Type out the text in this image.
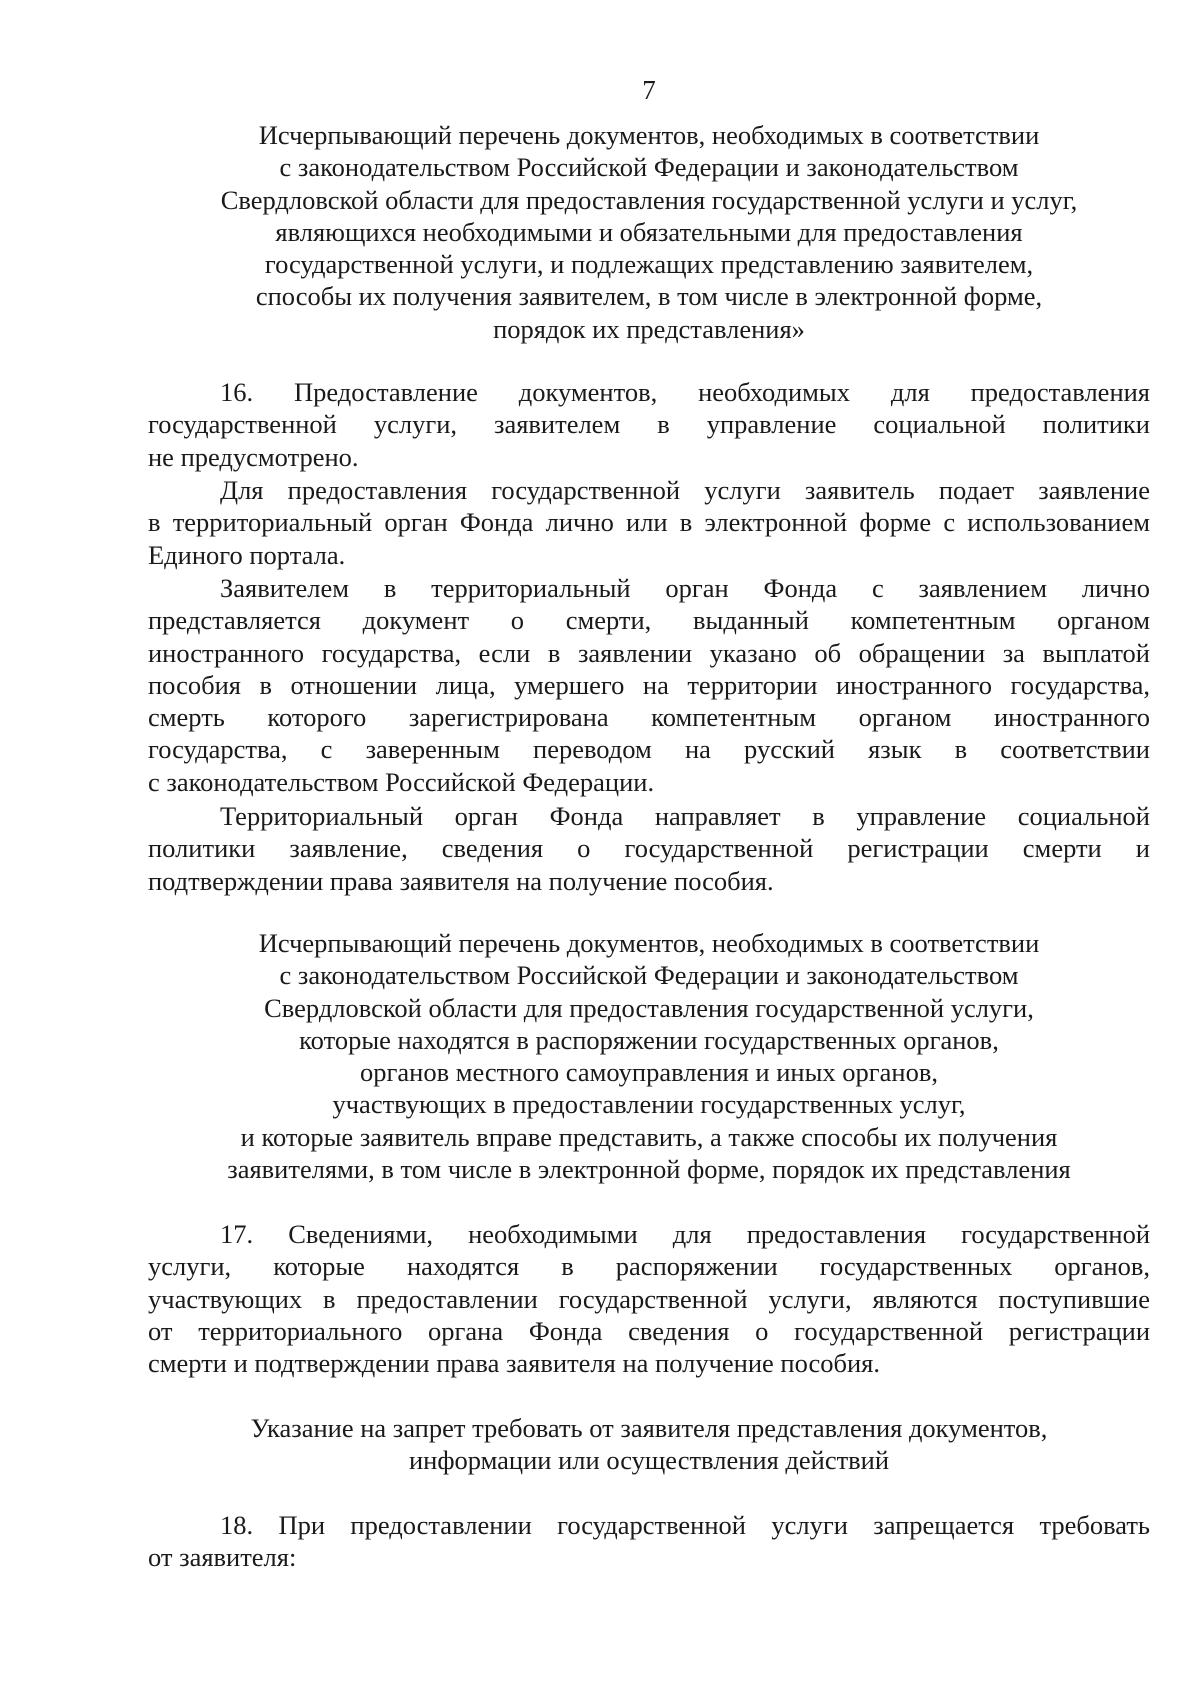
7
Исчерпывающий перечень документов, необходимых в соответствии
с законодательством Российской Федерации и законодательством
Свердловской области для предоставления государственной услуги и услуг,
являющихся необходимыми и обязательными для предоставления
государственной услуги, и подлежащих представлению заявителем,
способы их получения заявителем, в том числе в электронной форме,
порядок их представления»
16. Предоставление документов, необходимых для предоставления
государственной услуги, заявителем в управление социальной политики
не предусмотрено.
Для предоставления государственной услуги заявитель подает заявление
в территориальный орган Фонда лично или в электронной форме с использованием
Единого портала.
Заявителем в территориальный орган Фонда с заявлением лично
представляется документ о смерти, выданный компетентным органом
иностранного государства, если в заявлении указано об обращении за выплатой
пособия в отношении лица, умершего на территории иностранного государства,
смерть которого зарегистрирована компетентным органом иностранного
государства, с заверенным переводом на русский язык в соответствии
с законодательством Российской Федерации.
Территориальный орган Фонда направляет в управление социальной
политики заявление, сведения о государственной регистрации смерти и
подтверждении права заявителя на получение пособия.
Исчерпывающий перечень документов, необходимых в соответствии
с законодательством Российской Федерации и законодательством
Свердловской области для предоставления государственной услуги,
которые находятся в распоряжении государственных органов,
органов местного самоуправления и иных органов,
участвующих в предоставлении государственных услуг,
и которые заявитель вправе представить, а также способы их получения
заявителями, в том числе в электронной форме, порядок их представления
17. Сведениями, необходимыми для предоставления государственной
услуги, которые находятся в распоряжении государственных органов,
участвующих в предоставлении государственной услуги, являются поступившие
от территориального органа Фонда сведения о государственной регистрации
смерти и подтверждении права заявителя на получение пособия.
Указание на запрет требовать от заявителя представления документов,
информации или осуществления действий
18. При предоставлении государственной услуги запрещается требовать
от заявителя:
